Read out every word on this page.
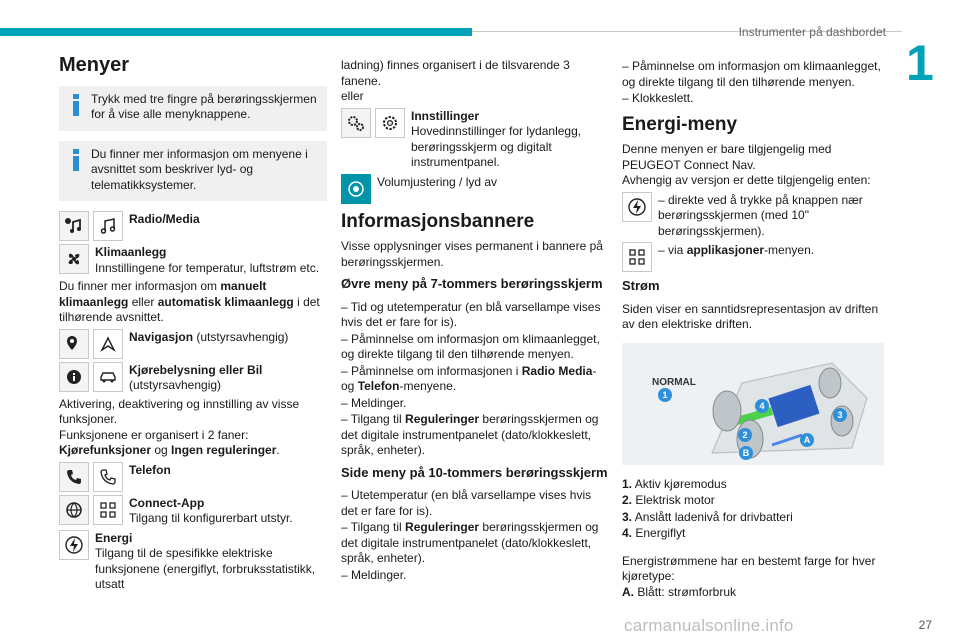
Instrumenter på dashbordet
1
27
carmanualsonline.info
Menyer

Trykk med tre fingre på berøringsskjermen for å vise alle menyknappene.

Du finner mer informasjon om menyene i avsnittet som beskriver lyd- og telematikksystemer.

Radio/Media
Klimaanlegg
Innstillingene for temperatur, luftstrøm etc.

Du finner mer informasjon om manuelt klimaanlegg eller automatisk klimaanlegg i det tilhørende avsnittet.

Navigasjon (utstyrsavhengig)
Kjørebelysning eller Bil
(utstyrsavhengig)

Aktivering, deaktivering og innstilling av visse funksjoner.

Funksjonene er organisert i 2 faner: Kjørefunksjoner og Ingen reguleringer.

Telefon
Connect-App
Tilgang til konfigurerbart utstyr.
Energi
Tilgang til de spesifikke elektriske funksjonene (energiflyt, forbruksstatistikk, utsatt

ladning) finnes organisert i de tilsvarende 3 fanene.

eller

Innstillinger
Hovedinnstillinger for lydanlegg, berøringsskjerm og digitalt instrumentpanel.
Volumjustering / lyd av
Informasjonsbannere

Visse opplysninger vises permanent i bannere på berøringsskjermen.

Øvre meny på 7-tommers berøringsskjerm

– Tid og utetemperatur (en blå varsellampe vises hvis det er fare for is).

– Påminnelse om informasjon om klimaanlegget, og direkte tilgang til den tilhørende menyen.

– Påminnelse om informasjonen i Radio Media- og Telefon-menyene.

– Meldinger.

– Tilgang til Reguleringer berøringsskjermen og det digitale instrumentpanelet (dato/klokkeslett, språk, enheter).

Side meny på 10-tommers berøringsskjerm

– Utetemperatur (en blå varsellampe vises hvis det er fare for is).

– Tilgang til Reguleringer berøringsskjermen og det digitale instrumentpanelet (dato/klokkeslett, språk, enheter).

– Meldinger.

– Påminnelse om informasjon om klimaanlegget, og direkte tilgang til den tilhørende menyen.

– Klokkeslett.

Energi-meny

Denne menyen er bare tilgjengelig med PEUGEOT Connect Nav.

Avhengig av versjon er dette tilgjengelig enten:

– direkte ved å trykke på knappen nær berøringsskjermen (med 10" berøringsskjermen).
– via applikasjoner-menyen.
Strøm

Siden viser en sanntidsrepresentasjon av driften av den elektriske driften.

NORMAL
1
2
3
4
A
B

1. Aktiv kjøremodus

2. Elektrisk motor

3. Anslått ladenivå for drivbatteri

4. Energiflyt

Energistrømmene har en bestemt farge for hver kjøretype:

A. Blått: strømforbruk
